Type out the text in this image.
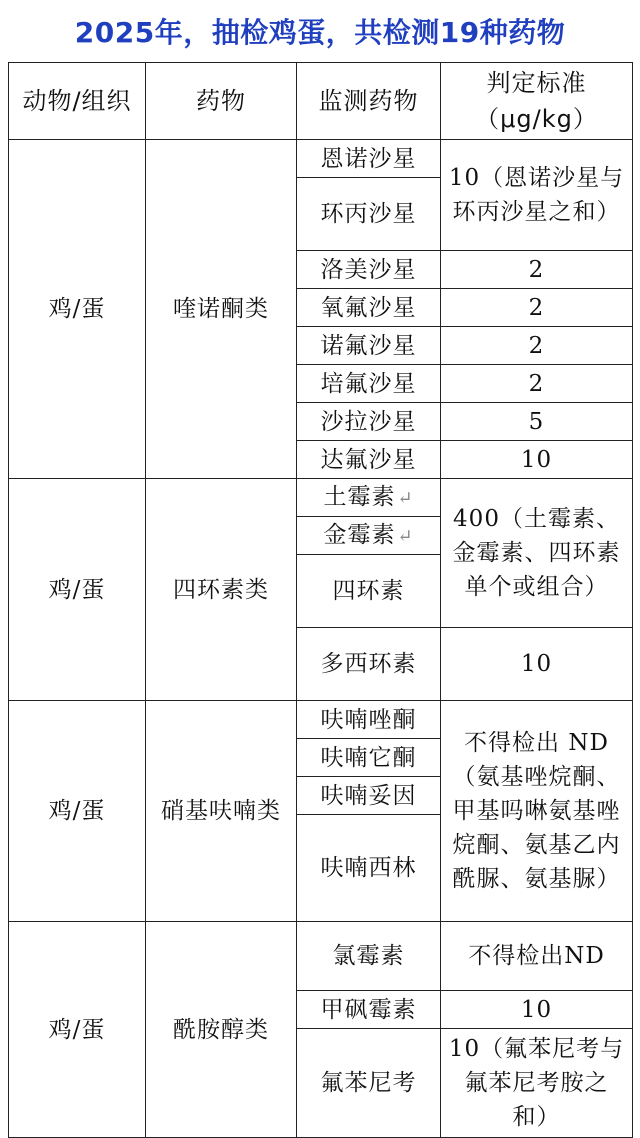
2025年，抽检鸡蛋，共检测19种药物
动物/组织	药物	监测药物	判定标准
（μg/kg）

鸡/蛋	喹诺酮类	恩诺沙星	10（恩诺沙星与环丙沙星之和）
		环丙沙星	
		洛美沙星	2
		氧氟沙星	2
		诺氟沙星	2
		培氟沙星	2
		沙拉沙星	5
		达氟沙星	10
鸡/蛋	四环素类	土霉素 ↵	400（土霉素、金霉素、四环素单个或组合）
		金霉素 ↵	
		四环素	
		多西环素	10
鸡/蛋	硝基呋喃类	呋喃唑酮	不得检出 ND（氨基唑烷酮、甲基吗啉氨基唑烷酮、氨基乙内酰脲、氨基脲）
		呋喃它酮	
		呋喃妥因	
		呋喃西林	
鸡/蛋	酰胺醇类	氯霉素	不得检出ND
		甲砜霉素	10
		氟苯尼考	10（氟苯尼考与氟苯尼考胺之和）
